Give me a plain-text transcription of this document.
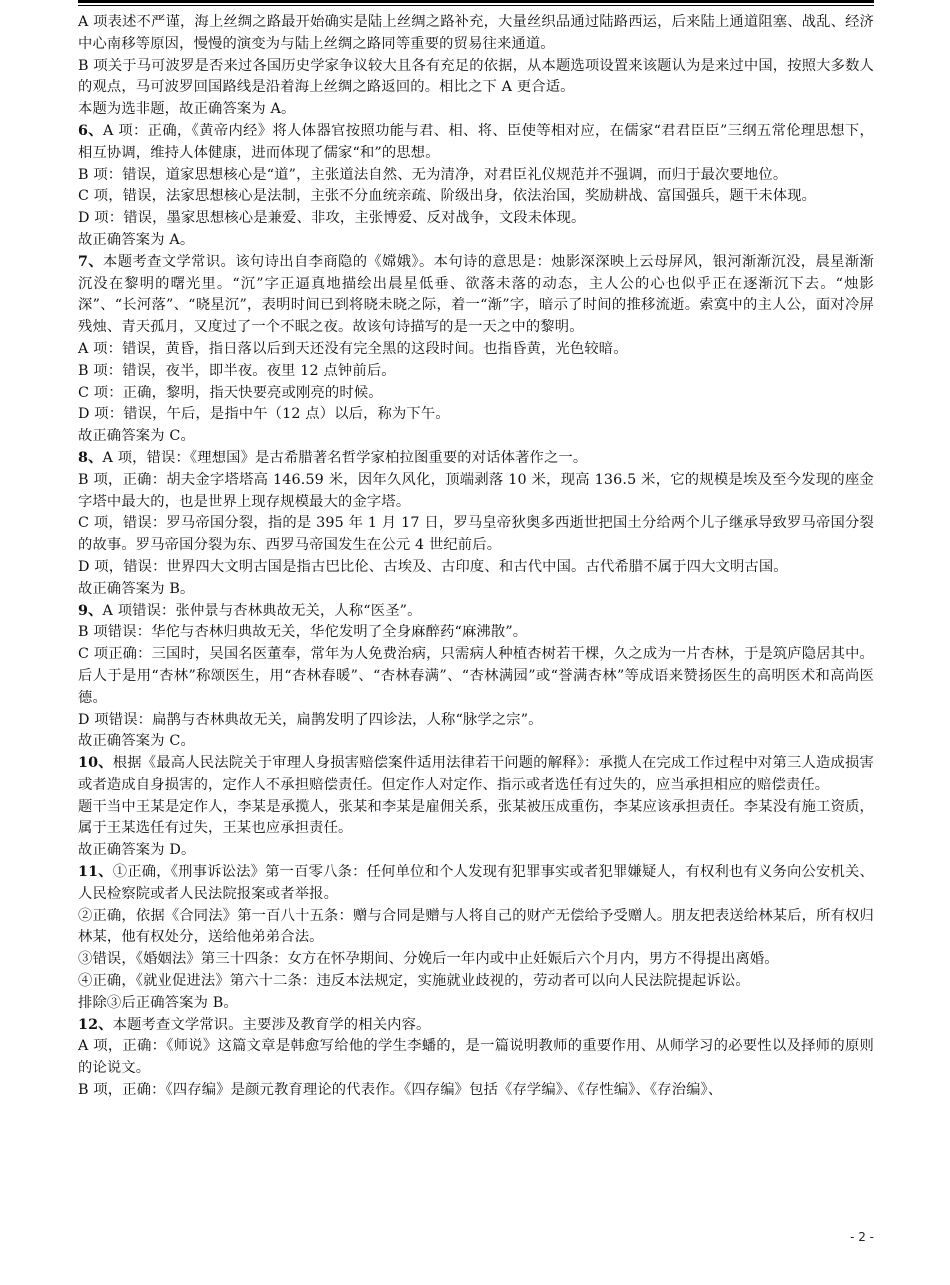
A 项表述不严谨，海上丝绸之路最开始确实是陆上丝绸之路补充，大量丝织品通过陆路西运，后来陆上通道阻塞、战乱、经济中心南移等原因，慢慢的演变为与陆上丝绸之路同等重要的贸易往来通道。

B 项关于马可波罗是否来过各国历史学家争议较大且各有充足的依据，从本题选项设置来该题认为是来过中国，按照大多数人的观点，马可波罗回国路线是沿着海上丝绸之路返回的。相比之下 A 更合适。

本题为选非题，故正确答案为 A。

6、A 项：正确，《黄帝内经》将人体器官按照功能与君、相、将、臣使等相对应，在儒家“君君臣臣”三纲五常伦理思想下，相互协调，维持人体健康，进而体现了儒家“和”的思想。

B 项：错误，道家思想核心是“道”，主张道法自然、无为清净，对君臣礼仪规范并不强调，而归于最次要地位。

C 项，错误，法家思想核心是法制，主张不分血统亲疏、阶级出身，依法治国，奖励耕战、富国强兵，题干未体现。

D 项：错误，墨家思想核心是兼爱、非攻，主张博爱、反对战争，文段未体现。

故正确答案为 A。

7、本题考查文学常识。该句诗出自李商隐的《嫦娥》。本句诗的意思是：烛影深深映上云母屏风，银河渐渐沉没，晨星渐渐沉没在黎明的曙光里。“沉”字正逼真地描绘出晨星低垂、欲落未落的动态，主人公的心也似乎正在逐渐沉下去。“烛影深”、“长河落”、“晓星沉”，表明时间已到将晓未晓之际，着一“渐”字，暗示了时间的推移流逝。索寞中的主人公，面对冷屏残烛、青天孤月，又度过了一个不眠之夜。故该句诗描写的是一天之中的黎明。

A 项：错误，黄昏，指日落以后到天还没有完全黑的这段时间。也指昏黄，光色较暗。

B 项：错误，夜半，即半夜。夜里 12 点钟前后。

C 项：正确，黎明，指天快要亮或刚亮的时候。

D 项：错误，午后，是指中午（12 点）以后，称为下午。

故正确答案为 C。

8、A 项，错误：《理想国》是古希腊著名哲学家柏拉图重要的对话体著作之一。

B 项，正确：胡夫金字塔塔高 146.59 米，因年久风化，顶端剥落 10 米，现高 136.5 米，它的规模是埃及至今发现的座金字塔中最大的，也是世界上现存规模最大的金字塔。

C 项，错误：罗马帝国分裂，指的是 395 年 1 月 17 日，罗马皇帝狄奥多西逝世把国土分给两个儿子继承导致罗马帝国分裂的故事。罗马帝国分裂为东、西罗马帝国发生在公元 4 世纪前后。

D 项，错误：世界四大文明古国是指古巴比伦、古埃及、古印度、和古代中国。古代希腊不属于四大文明古国。

故正确答案为 B。

9、A 项错误：张仲景与杏林典故无关，人称“医圣”。

B 项错误：华佗与杏林归典故无关，华佗发明了全身麻醉药“麻沸散”。

C 项正确：三国时，吴国名医董奉，常年为人免费治病，只需病人种植杏树若干棵，久之成为一片杏林，于是筑庐隐居其中。后人于是用“杏林”称颂医生，用“杏林春暖”、“杏林春满”、“杏林满园”或“誉满杏林”等成语来赞扬医生的高明医术和高尚医德。

D 项错误：扁鹊与杏林典故无关，扁鹊发明了四诊法，人称“脉学之宗”。

故正确答案为 C。

10、根据《最高人民法院关于审理人身损害赔偿案件适用法律若干问题的解释》：承揽人在完成工作过程中对第三人造成损害或者造成自身损害的，定作人不承担赔偿责任。但定作人对定作、指示或者选任有过失的，应当承担相应的赔偿责任。

题干当中王某是定作人，李某是承揽人，张某和李某是雇佣关系，张某被压成重伤，李某应该承担责任。李某没有施工资质，属于王某选任有过失，王某也应承担责任。

故正确答案为 D。

11、①正确，《刑事诉讼法》第一百零八条：任何单位和个人发现有犯罪事实或者犯罪嫌疑人，有权利也有义务向公安机关、人民检察院或者人民法院报案或者举报。

②正确，依据《合同法》第一百八十五条：赠与合同是赠与人将自己的财产无偿给予受赠人。朋友把表送给林某后，所有权归林某，他有权处分，送给他弟弟合法。

③错误，《婚姻法》第三十四条：女方在怀孕期间、分娩后一年内或中止妊娠后六个月内，男方不得提出离婚。

④正确，《就业促进法》第六十二条：违反本法规定，实施就业歧视的，劳动者可以向人民法院提起诉讼。

排除③后正确答案为 B。

12、本题考查文学常识。主要涉及教育学的相关内容。

A 项，正确：《师说》这篇文章是韩愈写给他的学生李蟠的，是一篇说明教师的重要作用、从师学习的必要性以及择师的原则的论说文。

B 项，正确：《四存编》是颜元教育理论的代表作。《四存编》包括《存学编》、《存性编》、《存治编》、

- 2 -
